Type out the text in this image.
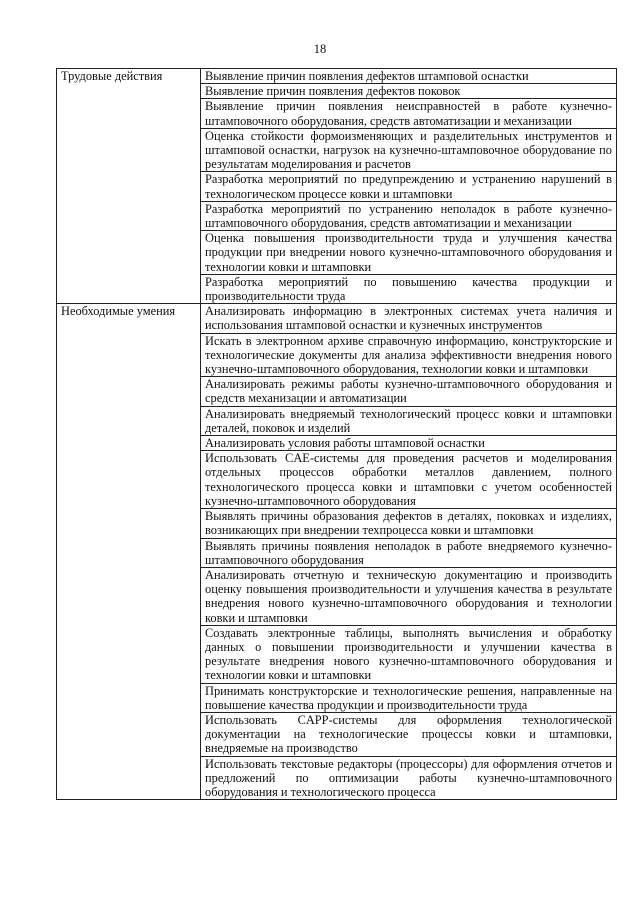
18
Трудовые действия	Выявление причин появления дефектов штамповой оснастки
	Выявление причин появления дефектов поковок
	Выявление причин появления неисправностей в работе кузнечно-штамповочного оборудования, средств автоматизации и механизации
	Оценка стойкости формоизменяющих и разделительных инструментов и штамповой оснастки, нагрузок на кузнечно-штамповочное оборудование по результатам моделирования и расчетов
	Разработка мероприятий по предупреждению и устранению нарушений в технологическом процессе ковки и штамповки
	Разработка мероприятий по устранению неполадок в работе кузнечно-штамповочного оборудования, средств автоматизации и механизации
	Оценка повышения производительности труда и улучшения качества продукции при внедрении нового кузнечно-штамповочного оборудования и технологии ковки и штамповки
	Разработка мероприятий по повышению качества продукции и производительности труда
Необходимые умения	Анализировать информацию в электронных системах учета наличия и использования штамповой оснастки и кузнечных инструментов
	Искать в электронном архиве справочную информацию, конструкторские и технологические документы для анализа эффективности внедрения нового кузнечно-штамповочного оборудования, технологии ковки и штамповки
	Анализировать режимы работы кузнечно-штамповочного оборудования и средств механизации и автоматизации
	Анализировать внедряемый технологический процесс ковки и штамповки деталей, поковок и изделий
	Анализировать условия работы штамповой оснастки
	Использовать CAE-системы для проведения расчетов и моделирования отдельных процессов обработки металлов давлением, полного технологического процесса ковки и штамповки с учетом особенностей кузнечно-штамповочного оборудования
	Выявлять причины образования дефектов в деталях, поковках и изделиях, возникающих при внедрении техпроцесса ковки и штамповки
	Выявлять причины появления неполадок в работе внедряемого кузнечно-штамповочного оборудования
	Анализировать отчетную и техническую документацию и производить оценку повышения производительности и улучшения качества в результате внедрения нового кузнечно-штамповочного оборудования и технологии ковки и штамповки
	Создавать электронные таблицы, выполнять вычисления и обработку данных о повышении производительности и улучшении качества в результате внедрения нового кузнечно-штамповочного оборудования и технологии ковки и штамповки
	Принимать конструкторские и технологические решения, направленные на повышение качества продукции и производительности труда
	Использовать CAPP-системы для оформления технологической документации на технологические процессы ковки и штамповки, внедряемые на производство
	Использовать текстовые редакторы (процессоры) для оформления отчетов и предложений по оптимизации работы кузнечно-штамповочного оборудования и технологического процесса
